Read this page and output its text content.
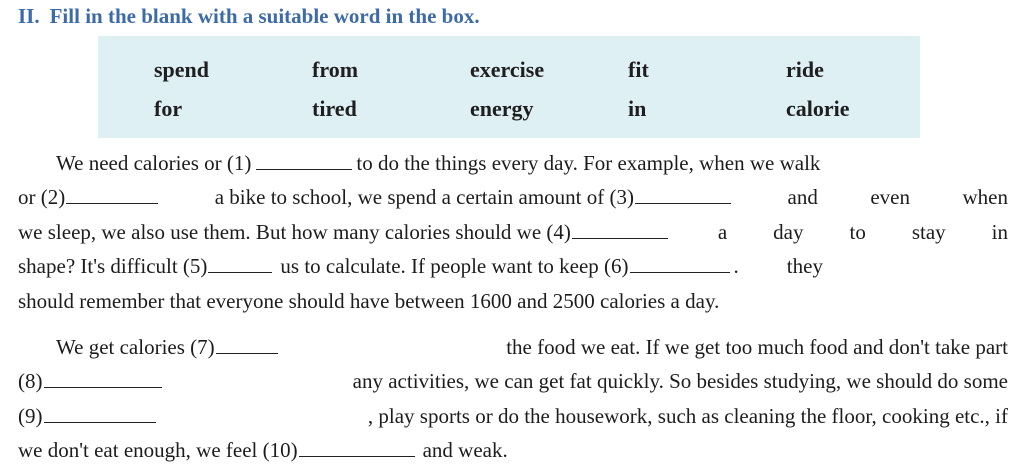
II. Fill in the blank with a suitable word in the box.
spend	from	exercise	fit	ride
for	tired	energy	in	calorie
We need calories or (1)	to do the things every day. For example, when we walk
or (2)	a bike to school, we spend a certain amount of (3)	and even when
we sleep, we also use them. But how many calories should we (4)	a day to stay in
shape? It's difficult (5)	us to calculate. If people want to keep (6)	. they
should remember that everyone should have between 1600 and 2500 calories a day.
We get calories (7)	the food we eat. If we get too much food and don't take part
(8)	any activities, we can get fat quickly. So besides studying, we should do some
(9)	, play sports or do the housework, such as cleaning the floor, cooking etc., if
we don't eat enough, we feel (10)	and weak.
